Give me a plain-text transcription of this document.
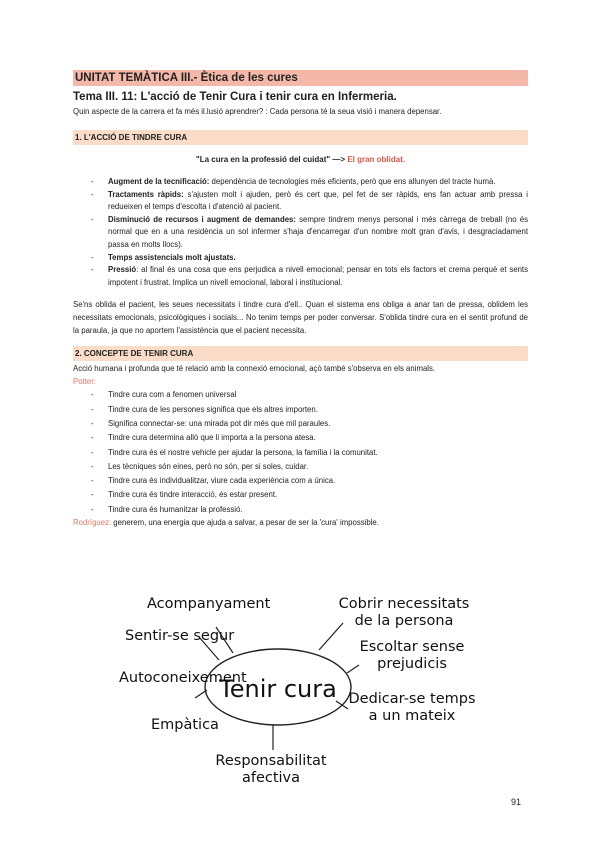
UNITAT TEMÀTICA III.- Ètica de les cures
Tema III. 11: L'acció de Tenir Cura i tenir cura en Infermeria.

Quin aspecte de la carrera et fa més il.lusió aprendrer? : Cada persona té la seua visió i manera depensar.

1. L'ACCIÓ DE TINDRE CURA
"La cura en la professió del cuidat" —> El gran oblidat.
- Augment de la tecnificació: dependència de tecnologies més eficients, però que ens allunyen del tracte humà.
- Tractaments ràpids: s'ajusten molt i ajuden, però és cert que, pel fet de ser ràpids, ens fan actuar amb pressa i redueixen el temps d'escolta i d'atenció al pacient.
- Disminució de recursos i augment de demandes: sempre tindrem menys personal i més càrrega de treball (no és normal que en a una residència un sol infermer s'haja d'encarregar d'un nombre molt gran d'avis, i desgraciadament passa en molts llocs).
- Temps assistencials molt ajustats.
- Pressió: al final és una cosa que ens perjudica a nivell emocional; pensar en tots els factors et crema perquè et sents impotent i frustrat. Implica un nivell emocional, laboral i institucional.

Se'ns oblida el pacient, les seues necessitats i tindre cura d'ell.. Quan el sistema ens obliga a anar tan de pressa, oblidem les necessitats emocionals, psicològiques i socials... No tenim temps per poder conversar. S'oblida tindre cura en el sentit profund de la paraula, ja que no aportem l'assistència que el pacient necessita.

2. CONCEPTE DE TENIR CURA

Acció humana i profunda que té relació amb la connexió emocional, açò també s'observa en els animals.

Potter:

- Tindre cura com a fenomen universal
- Tindre cura de les persones significa que els altres importen.
- Significa connectar-se: una mirada pot dir més que mil paraules.
- Tindre cura determina allò que li importa a la persona atesa.
- Tindre cura és el nostre vehicle per ajudar la persona, la família i la comunitat.
- Les tècniques són eines, però no són, per si soles, cuidar.
- Tindre cura és individualitzar, viure cada experiència com a única.
- Tindre cura és tindre interacció, és estar present.
- Tindre cura és humanitzar la professió.

Rodríguez: generem, una energia que ajuda a salvar, a pesar de ser la 'cura' impossible.

Tenir cura
Acompanyament
Sentir-se segur
Autoconeixement
Empàtica
Cobrir necessitats
de la persona
Escoltar sense
prejudicis
Dedicar-se temps
a un mateix
Responsabilitat
afectiva
91
